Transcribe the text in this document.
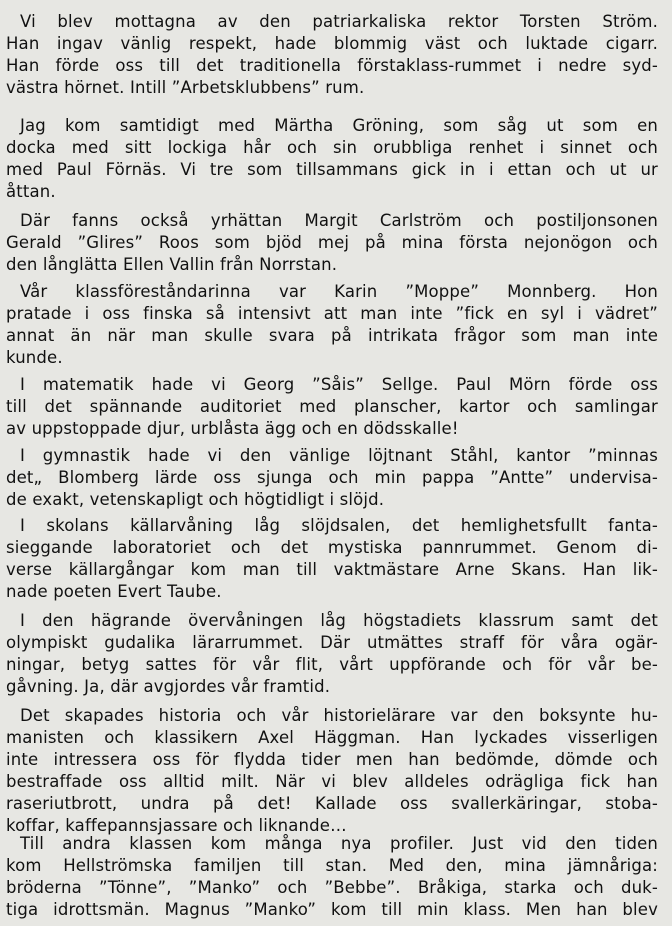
Vi blev mottagna av den patriarkaliska rektor Torsten Ström.
Han ingav vänlig respekt, hade blommig väst och luktade cigarr.
Han förde oss till det traditionella förstaklass-rummet i nedre syd-
västra hörnet. Intill ”Arbetsklubbens” rum.
Jag kom samtidigt med Märtha Gröning, som såg ut som en
docka med sitt lockiga hår och sin orubbliga renhet i sinnet och
med Paul Förnäs. Vi tre som tillsammans gick in i ettan och ut ur
åttan.
Där fanns också yrhättan Margit Carlström och postiljonsonen
Gerald ”Glires” Roos som bjöd mej på mina första nejonögon och
den långlätta Ellen Vallin från Norrstan.
Vår klassföreståndarinna var Karin ”Moppe” Monnberg. Hon
pratade i oss finska så intensivt att man inte ”fick en syl i vädret”
annat än när man skulle svara på intrikata frågor som man inte
kunde.
I matematik hade vi Georg ”Såis” Sellge. Paul Mörn förde oss
till det spännande auditoriet med planscher, kartor och samlingar
av uppstoppade djur, urblåsta ägg och en dödsskalle!
I gymnastik hade vi den vänlige löjtnant Ståhl, kantor ”minnas
det„ Blomberg lärde oss sjunga och min pappa ”Antte” undervisa-
de exakt, vetenskapligt och högtidligt i slöjd.
I skolans källarvåning låg slöjdsalen, det hemlighetsfullt fanta-
sieggande laboratoriet och det mystiska pannrummet. Genom di-
verse källargångar kom man till vaktmästare Arne Skans. Han lik-
nade poeten Evert Taube.
I den hägrande övervåningen låg högstadiets klassrum samt det
olympiskt gudalika lärarrummet. Där utmättes straff för våra ogär-
ningar, betyg sattes för vår flit, vårt uppförande och för vår be-
gåvning. Ja, där avgjordes vår framtid.
Det skapades historia och vår historielärare var den boksynte hu-
manisten och klassikern Axel Häggman. Han lyckades visserligen
inte intressera oss för flydda tider men han bedömde, dömde och
bestraffade oss alltid milt. När vi blev alldeles odrägliga fick han
raseriutbrott, undra på det! Kallade oss svallerkäringar, stoba-
koffar, kaffepannsjassare och liknande…
Till andra klassen kom många nya profiler. Just vid den tiden
kom Hellströmska familjen till stan. Med den, mina jämnåriga:
bröderna ”Tönne”, ”Manko” och ”Bebbe”. Bråkiga, starka och duk-
tiga idrottsmän. Magnus ”Manko” kom till min klass. Men han blev
